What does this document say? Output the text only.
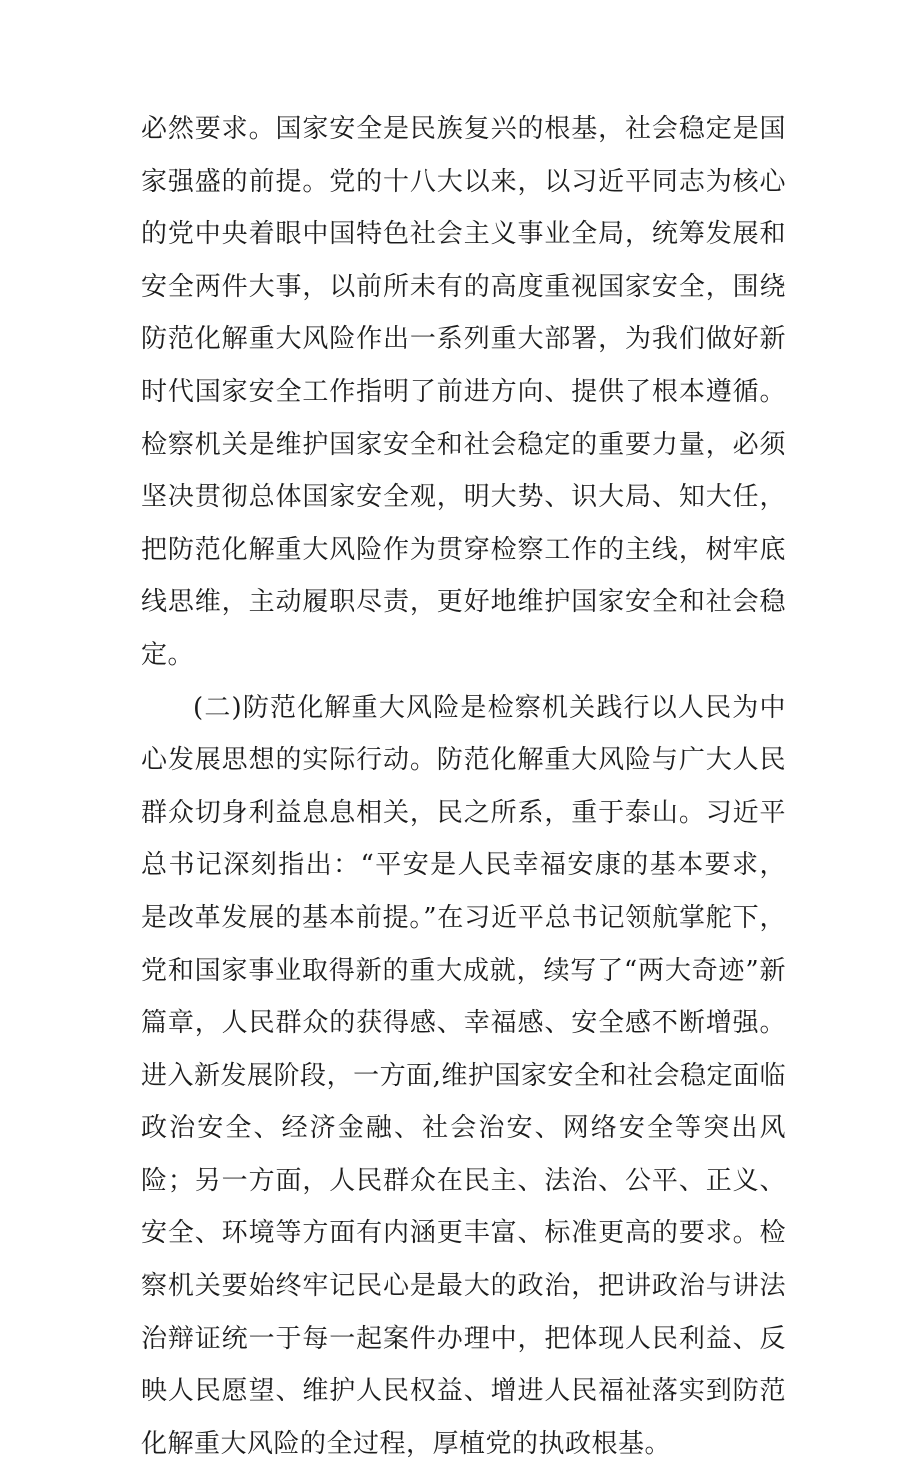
必然要求。国家安全是民族复兴的根基，社会稳定是国家强盛的前提。党的十八大以来，以习近平同志为核心的党中央着眼中国特色社会主义事业全局，统筹发展和安全两件大事，以前所未有的高度重视国家安全，围绕防范化解重大风险作出一系列重大部署，为我们做好新时代国家安全工作指明了前进方向、提供了根本遵循。检察机关是维护国家安全和社会稳定的重要力量，必须坚决贯彻总体国家安全观，明大势、识大局、知大任，把防范化解重大风险作为贯穿检察工作的主线，树牢底线思维，主动履职尽责，更好地维护国家安全和社会稳定。

(二)防范化解重大风险是检察机关践行以人民为中心发展思想的实际行动。防范化解重大风险与广大人民群众切身利益息息相关，民之所系，重于泰山。习近平总书记深刻指出：“平安是人民幸福安康的基本要求，是改革发展的基本前提。”在习近平总书记领航掌舵下，党和国家事业取得新的重大成就，续写了“两大奇迹”新篇章，人民群众的获得感、幸福感、安全感不断增强。进入新发展阶段，一方面,维护国家安全和社会稳定面临政治安全、经济金融、社会治安、网络安全等突出风险；另一方面，人民群众在民主、法治、公平、正义、安全、环境等方面有内涵更丰富、标准更高的要求。检察机关要始终牢记民心是最大的政治，把讲政治与讲法治辩证统一于每一起案件办理中，把体现人民利益、反映人民愿望、维护人民权益、增进人民福祉落实到防范化解重大风险的全过程，厚植党的执政根基。
